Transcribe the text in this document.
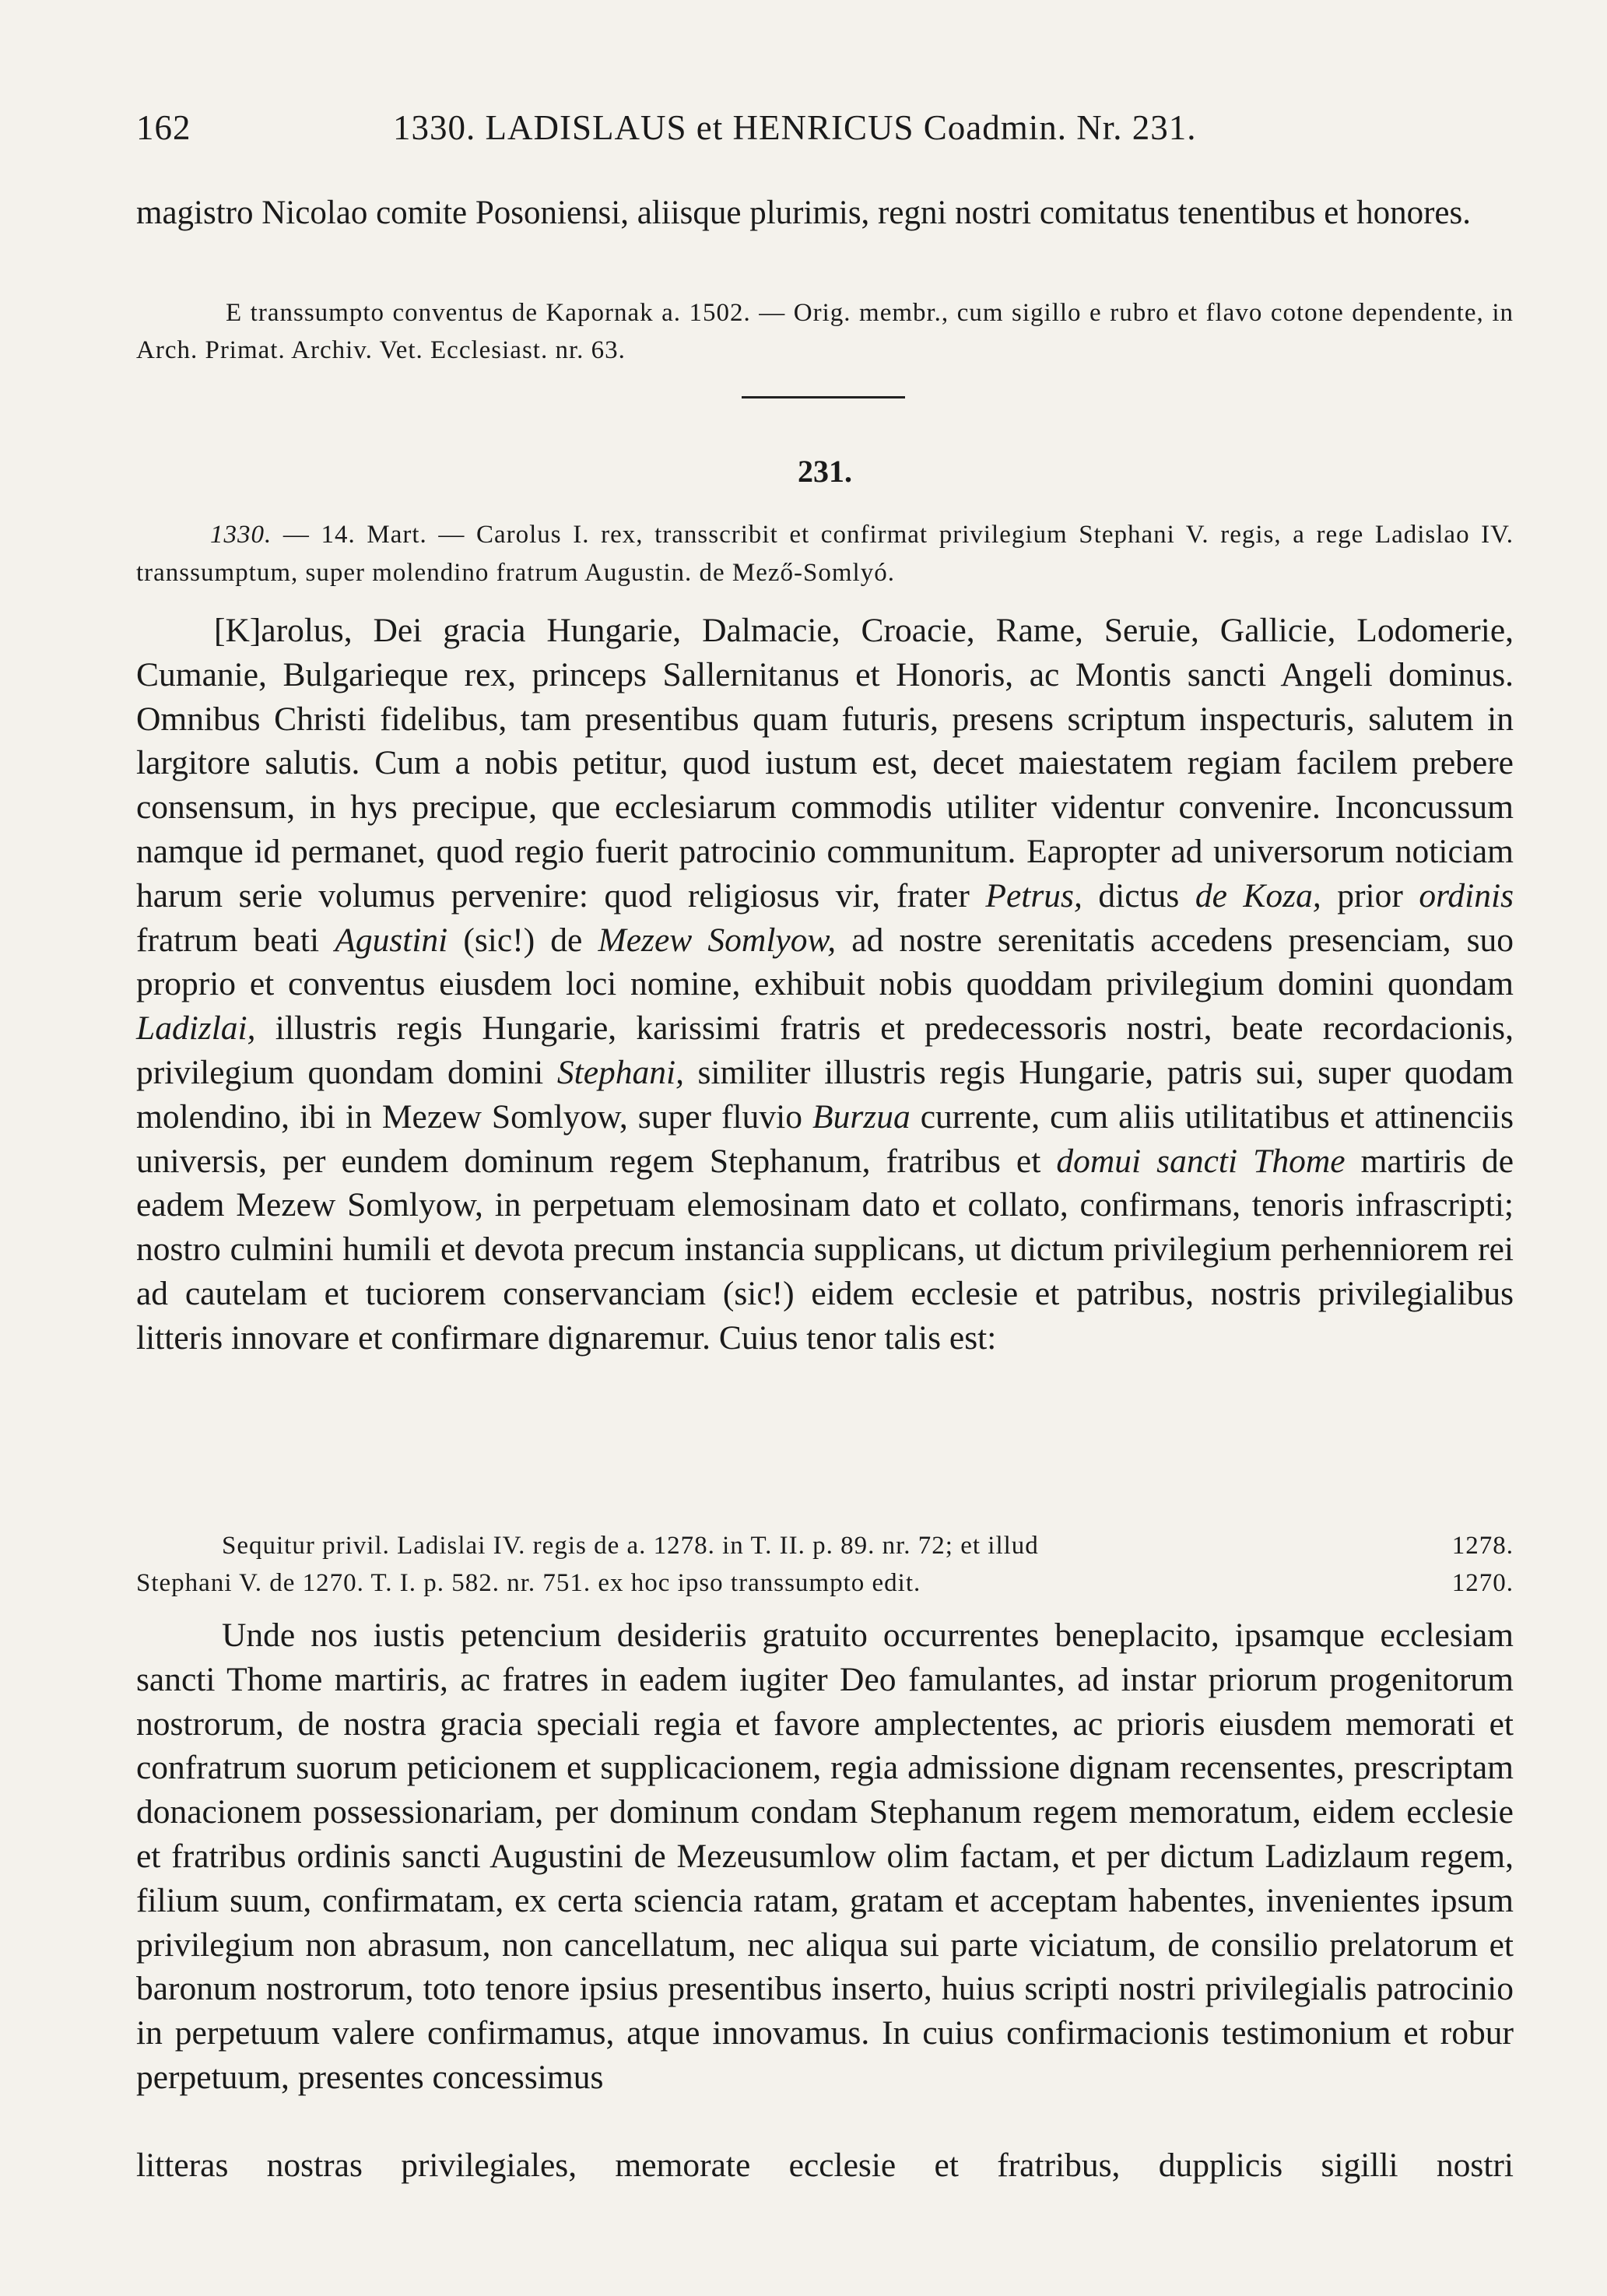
162	1330. LADISLAUS et HENRICUS Coadmin. Nr. 231.

magistro Nicolao comite Posoniensi, aliisque plurimis, regni nostri comitatus tenentibus et honores.

E transsumpto conventus de Kapornak a. 1502. — Orig. membr., cum sigillo e rubro et flavo cotone dependente, in Arch. Primat. Archiv. Vet. Ecclesiast. nr. 63.

231.

1330. — 14. Mart. — Carolus I. rex, transscribit et confirmat privilegium Stephani V. regis, a rege Ladislao IV. transsumptum, super molendino fratrum Augustin. de Mező-Somlyó.

[K]arolus, Dei gracia Hungarie, Dalmacie, Croacie, Rame, Seruie, Gallicie, Lodomerie, Cumanie, Bulgarieque rex, princeps Sallernitanus et Honoris, ac Montis sancti Angeli dominus. Omnibus Christi fidelibus, tam presentibus quam futuris, presens scriptum inspecturis, salutem in largitore salutis. Cum a nobis petitur, quod iustum est, decet maiestatem regiam facilem prebere consensum, in hys precipue, que ecclesiarum commodis utiliter videntur convenire. Inconcussum namque id permanet, quod regio fuerit patrocinio communitum. Eapropter ad universorum noticiam harum serie volumus pervenire: quod religiosus vir, frater Petrus, dictus de Koza, prior ordinis fratrum beati Agustini (sic!) de Mezew Somlyow, ad nostre serenitatis accedens presenciam, suo proprio et conventus eiusdem loci nomine, exhibuit nobis quoddam privilegium domini quondam Ladizlai, illustris regis Hungarie, karissimi fratris et predecessoris nostri, beate recordacionis, privilegium quondam domini Stephani, similiter illustris regis Hungarie, patris sui, super quodam molendino, ibi in Mezew Somlyow, super fluvio Burzua currente, cum aliis utilitatibus et attinenciis universis, per eundem dominum regem Stephanum, fratribus et domui sancti Thome martiris de eadem Mezew Somlyow, in perpetuam elemosinam dato et collato, confirmans, tenoris infrascripti; nostro culmini humili et devota precum instancia supplicans, ut dictum privilegium perhenniorem rei ad cautelam et tuciorem conservanciam (sic!) eidem ecclesie et patribus, nostris privilegialibus litteris innovare et confirmare dignaremur. Cuius tenor talis est:

Sequitur privil. Ladislai IV. regis de a. 1278. in T. II. p. 89. nr. 72; et illud	1278.
Stephani V. de 1270. T. I. p. 582. nr. 751. ex hoc ipso transsumpto edit.	1270.

Unde nos iustis petencium desideriis gratuito occurrentes beneplacito, ipsamque ecclesiam sancti Thome martiris, ac fratres in eadem iugiter Deo famulantes, ad instar priorum progenitorum nostrorum, de nostra gracia speciali regia et favore amplectentes, ac prioris eiusdem memorati et confratrum suorum peticionem et supplicacionem, regia admissione dignam recensentes, prescriptam donacionem possessionariam, per dominum condam Stephanum regem memoratum, eidem ecclesie et fratribus ordinis sancti Augustini de Mezeusumlow olim factam, et per dictum Ladizlaum regem, filium suum, confirmatam, ex certa sciencia ratam, gratam et acceptam habentes, invenientes ipsum privilegium non abrasum, non cancellatum, nec aliqua sui parte viciatum, de consilio prelatorum et baronum nostrorum, toto tenore ipsius presentibus inserto, huius scripti nostri privilegialis patrocinio in perpetuum valere confirmamus, atque innovamus. In cuius confirmacionis testimonium et robur perpetuum, presentes concessimus

litteras nostras privilegiales, memorate ecclesie et fratribus, dupplicis sigilli nostri
